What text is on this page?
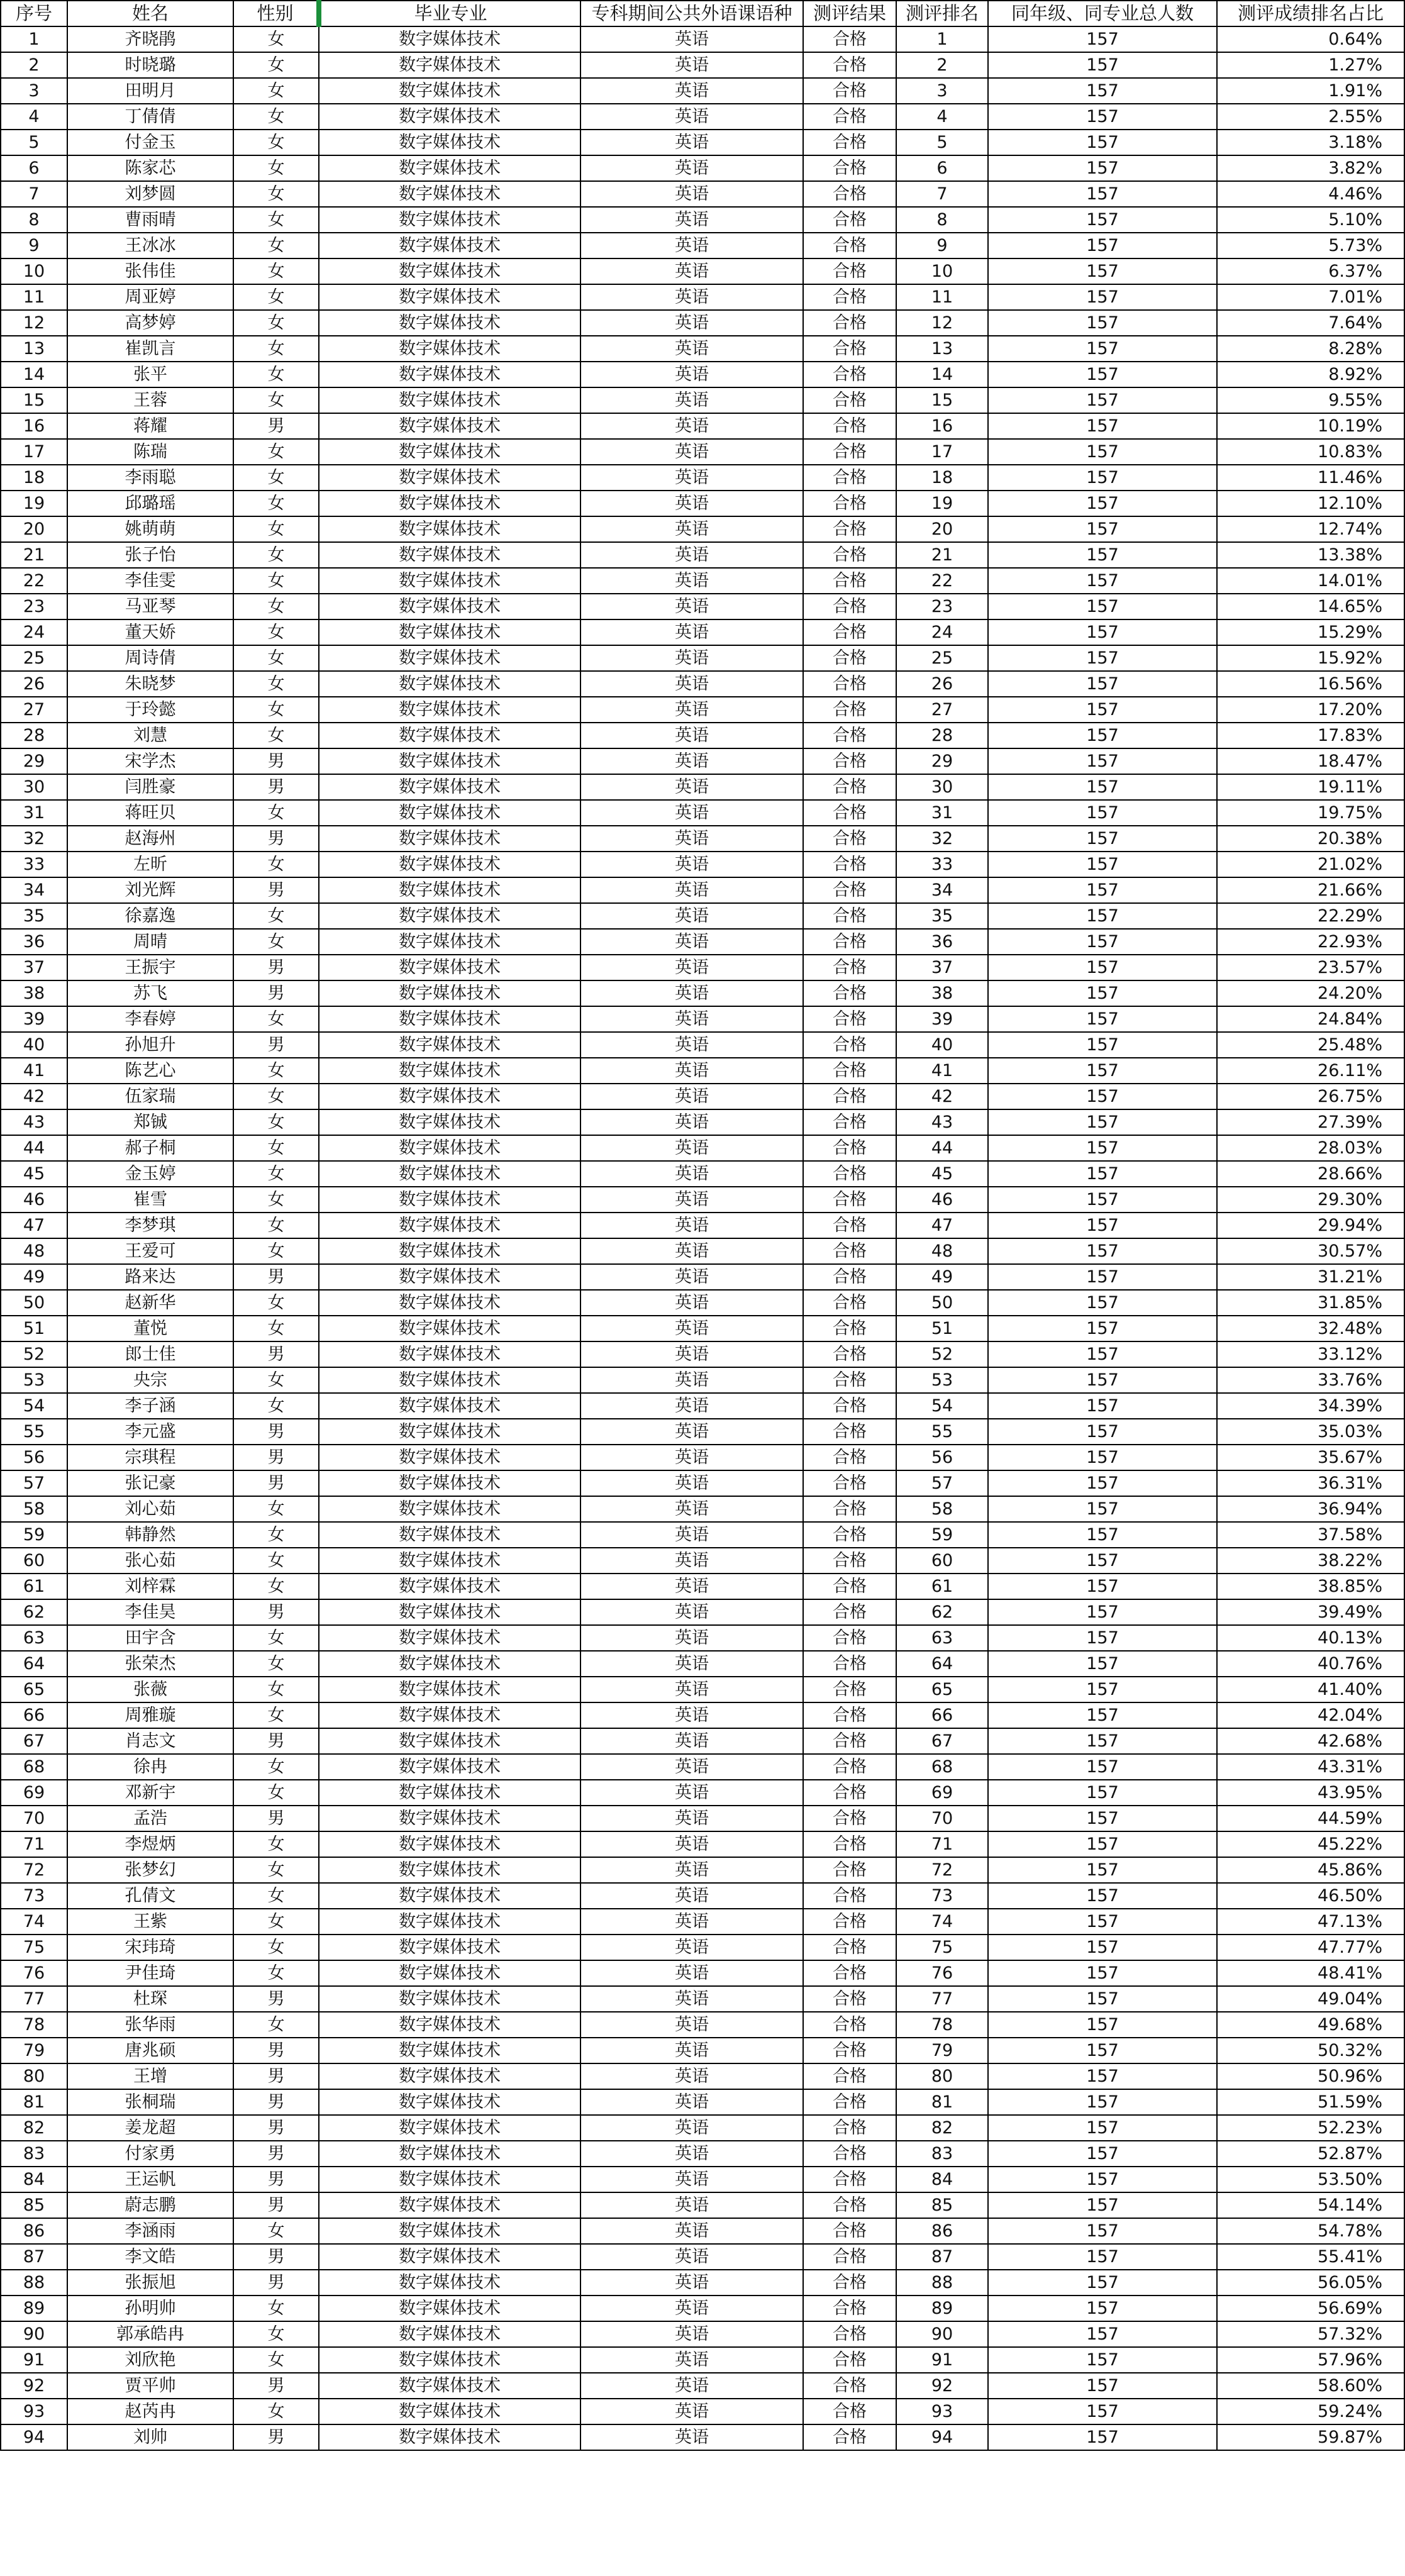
序号	姓名	性别	毕业专业	专科期间公共外语课语种	测评结果	测评排名	同年级、同专业总人数	测评成绩排名占比
1	齐晓鹃	女	数字媒体技术	英语	合格	1	157	0.64%
2	时晓璐	女	数字媒体技术	英语	合格	2	157	1.27%
3	田明月	女	数字媒体技术	英语	合格	3	157	1.91%
4	丁倩倩	女	数字媒体技术	英语	合格	4	157	2.55%
5	付金玉	女	数字媒体技术	英语	合格	5	157	3.18%
6	陈家芯	女	数字媒体技术	英语	合格	6	157	3.82%
7	刘梦圆	女	数字媒体技术	英语	合格	7	157	4.46%
8	曹雨晴	女	数字媒体技术	英语	合格	8	157	5.10%
9	王冰冰	女	数字媒体技术	英语	合格	9	157	5.73%
10	张伟佳	女	数字媒体技术	英语	合格	10	157	6.37%
11	周亚婷	女	数字媒体技术	英语	合格	11	157	7.01%
12	高梦婷	女	数字媒体技术	英语	合格	12	157	7.64%
13	崔凯言	女	数字媒体技术	英语	合格	13	157	8.28%
14	张平	女	数字媒体技术	英语	合格	14	157	8.92%
15	王蓉	女	数字媒体技术	英语	合格	15	157	9.55%
16	蒋耀	男	数字媒体技术	英语	合格	16	157	10.19%
17	陈瑞	女	数字媒体技术	英语	合格	17	157	10.83%
18	李雨聪	女	数字媒体技术	英语	合格	18	157	11.46%
19	邱璐瑶	女	数字媒体技术	英语	合格	19	157	12.10%
20	姚萌萌	女	数字媒体技术	英语	合格	20	157	12.74%
21	张子怡	女	数字媒体技术	英语	合格	21	157	13.38%
22	李佳雯	女	数字媒体技术	英语	合格	22	157	14.01%
23	马亚琴	女	数字媒体技术	英语	合格	23	157	14.65%
24	董天娇	女	数字媒体技术	英语	合格	24	157	15.29%
25	周诗倩	女	数字媒体技术	英语	合格	25	157	15.92%
26	朱晓梦	女	数字媒体技术	英语	合格	26	157	16.56%
27	于玲懿	女	数字媒体技术	英语	合格	27	157	17.20%
28	刘慧	女	数字媒体技术	英语	合格	28	157	17.83%
29	宋学杰	男	数字媒体技术	英语	合格	29	157	18.47%
30	闫胜豪	男	数字媒体技术	英语	合格	30	157	19.11%
31	蒋旺贝	女	数字媒体技术	英语	合格	31	157	19.75%
32	赵海州	男	数字媒体技术	英语	合格	32	157	20.38%
33	左昕	女	数字媒体技术	英语	合格	33	157	21.02%
34	刘光辉	男	数字媒体技术	英语	合格	34	157	21.66%
35	徐嘉逸	女	数字媒体技术	英语	合格	35	157	22.29%
36	周晴	女	数字媒体技术	英语	合格	36	157	22.93%
37	王振宇	男	数字媒体技术	英语	合格	37	157	23.57%
38	苏飞	男	数字媒体技术	英语	合格	38	157	24.20%
39	李春婷	女	数字媒体技术	英语	合格	39	157	24.84%
40	孙旭升	男	数字媒体技术	英语	合格	40	157	25.48%
41	陈艺心	女	数字媒体技术	英语	合格	41	157	26.11%
42	伍家瑞	女	数字媒体技术	英语	合格	42	157	26.75%
43	郑铖	女	数字媒体技术	英语	合格	43	157	27.39%
44	郝子桐	女	数字媒体技术	英语	合格	44	157	28.03%
45	金玉婷	女	数字媒体技术	英语	合格	45	157	28.66%
46	崔雪	女	数字媒体技术	英语	合格	46	157	29.30%
47	李梦琪	女	数字媒体技术	英语	合格	47	157	29.94%
48	王爱可	女	数字媒体技术	英语	合格	48	157	30.57%
49	路来达	男	数字媒体技术	英语	合格	49	157	31.21%
50	赵新华	女	数字媒体技术	英语	合格	50	157	31.85%
51	董悦	女	数字媒体技术	英语	合格	51	157	32.48%
52	郎士佳	男	数字媒体技术	英语	合格	52	157	33.12%
53	央宗	女	数字媒体技术	英语	合格	53	157	33.76%
54	李子涵	女	数字媒体技术	英语	合格	54	157	34.39%
55	李元盛	男	数字媒体技术	英语	合格	55	157	35.03%
56	宗琪程	男	数字媒体技术	英语	合格	56	157	35.67%
57	张记豪	男	数字媒体技术	英语	合格	57	157	36.31%
58	刘心茹	女	数字媒体技术	英语	合格	58	157	36.94%
59	韩静然	女	数字媒体技术	英语	合格	59	157	37.58%
60	张心茹	女	数字媒体技术	英语	合格	60	157	38.22%
61	刘梓霖	女	数字媒体技术	英语	合格	61	157	38.85%
62	李佳昊	男	数字媒体技术	英语	合格	62	157	39.49%
63	田宇含	女	数字媒体技术	英语	合格	63	157	40.13%
64	张荣杰	女	数字媒体技术	英语	合格	64	157	40.76%
65	张薇	女	数字媒体技术	英语	合格	65	157	41.40%
66	周雅璇	女	数字媒体技术	英语	合格	66	157	42.04%
67	肖志文	男	数字媒体技术	英语	合格	67	157	42.68%
68	徐冉	女	数字媒体技术	英语	合格	68	157	43.31%
69	邓新宇	女	数字媒体技术	英语	合格	69	157	43.95%
70	孟浩	男	数字媒体技术	英语	合格	70	157	44.59%
71	李煜炳	女	数字媒体技术	英语	合格	71	157	45.22%
72	张梦幻	女	数字媒体技术	英语	合格	72	157	45.86%
73	孔倩文	女	数字媒体技术	英语	合格	73	157	46.50%
74	王紫	女	数字媒体技术	英语	合格	74	157	47.13%
75	宋玮琦	女	数字媒体技术	英语	合格	75	157	47.77%
76	尹佳琦	女	数字媒体技术	英语	合格	76	157	48.41%
77	杜琛	男	数字媒体技术	英语	合格	77	157	49.04%
78	张华雨	女	数字媒体技术	英语	合格	78	157	49.68%
79	唐兆硕	男	数字媒体技术	英语	合格	79	157	50.32%
80	王增	男	数字媒体技术	英语	合格	80	157	50.96%
81	张桐瑞	男	数字媒体技术	英语	合格	81	157	51.59%
82	姜龙超	男	数字媒体技术	英语	合格	82	157	52.23%
83	付家勇	男	数字媒体技术	英语	合格	83	157	52.87%
84	王运帆	男	数字媒体技术	英语	合格	84	157	53.50%
85	蔚志鹏	男	数字媒体技术	英语	合格	85	157	54.14%
86	李涵雨	女	数字媒体技术	英语	合格	86	157	54.78%
87	李文皓	男	数字媒体技术	英语	合格	87	157	55.41%
88	张振旭	男	数字媒体技术	英语	合格	88	157	56.05%
89	孙明帅	女	数字媒体技术	英语	合格	89	157	56.69%
90	郭承皓冉	女	数字媒体技术	英语	合格	90	157	57.32%
91	刘欣艳	女	数字媒体技术	英语	合格	91	157	57.96%
92	贾平帅	男	数字媒体技术	英语	合格	92	157	58.60%
93	赵芮冉	女	数字媒体技术	英语	合格	93	157	59.24%
94	刘帅	男	数字媒体技术	英语	合格	94	157	59.87%
